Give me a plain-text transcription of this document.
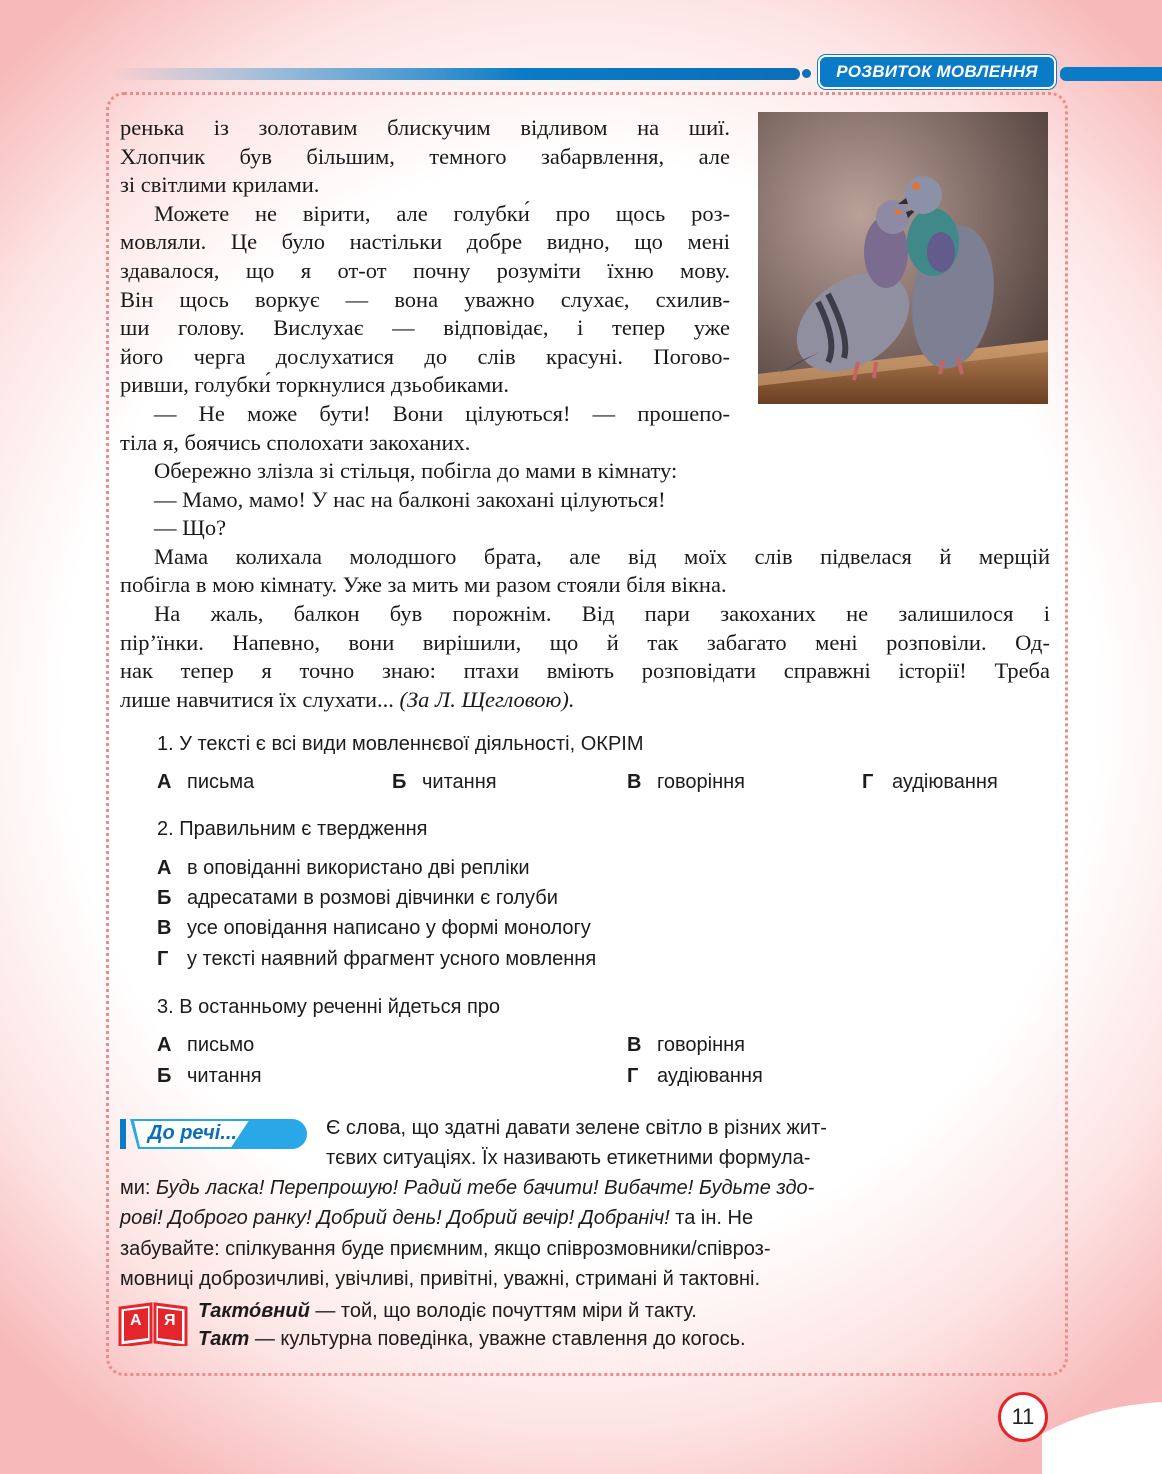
РОЗВИТОК МОВЛЕННЯ

ренька із золотавим блискучим відливом на шиї.

Хлопчик був більшим, темного забарвлення, але

зі світлими крилами.

Можете не вірити, але голубки́ про щось роз-

мовляли. Це було настільки добре видно, що мені

здавалося, що я от-от почну розуміти їхню мову.

Він щось воркує — вона уважно слухає, схилив-

ши голову. Вислухає — відповідає, і тепер уже

його черга дослухатися до слів красуні. Погово-

ривши, голубки́ торкнулися дзьобиками.

— Не може бути! Вони цілуються! — прошепо-

тіла я, боячись сполохати закоханих.

Обережно злізла зі стільця, побігла до мами в кімнату:

— Мамо, мамо! У нас на балконі закохані цілуються!

— Що?

Мама колихала молодшого брата, але від моїх слів підвелася й мерщій

побігла в мою кімнату. Уже за мить ми разом стояли біля вікна.

На жаль, балкон був порожнім. Від пари закоханих не залишилося і

пір’їнки. Напевно, вони вирішили, що й так забагато мені розповіли. Од-

нак тепер я точно знаю: птахи вміють розповідати справжні історії! Треба

лише навчитися їх слухати... (За Л. Щегловою).

1. У тексті є всі види мовленнєвої діяльності, ОКРІМ
А письма	Б читання	В говоріння	Г аудіювання
2. Правильним є твердження
А в оповіданні використано дві репліки
Б адресатами в розмові дівчинки є голуби
В усе оповідання написано у формі монологу
Г у тексті наявний фрагмент усного мовлення
3. В останньому реченні йдеться про
А письмо
Б читання
В говоріння
Г аудіювання
До речі...	Є слова, що здатні давати зелене світло в різних жит-
тєвих ситуаціях. Їх називають етикетними формула-
ми: Будь ласка! Перепрошую! Радий тебе бачити! Вибачте! Будьте здо-
рові! Доброго ранку! Добрий день! Добрий вечір! Добраніч! та ін. Не
забувайте: спілкування буде приємним, якщо співрозмовники/співроз-
мовниці доброзичливі, увічливі, привітні, уважні, стримані й тактовні.
А Я Такто́вний — той, що володіє почуттям міри й такту.
Такт — культурна поведінка, уважне ставлення до когось.
11
